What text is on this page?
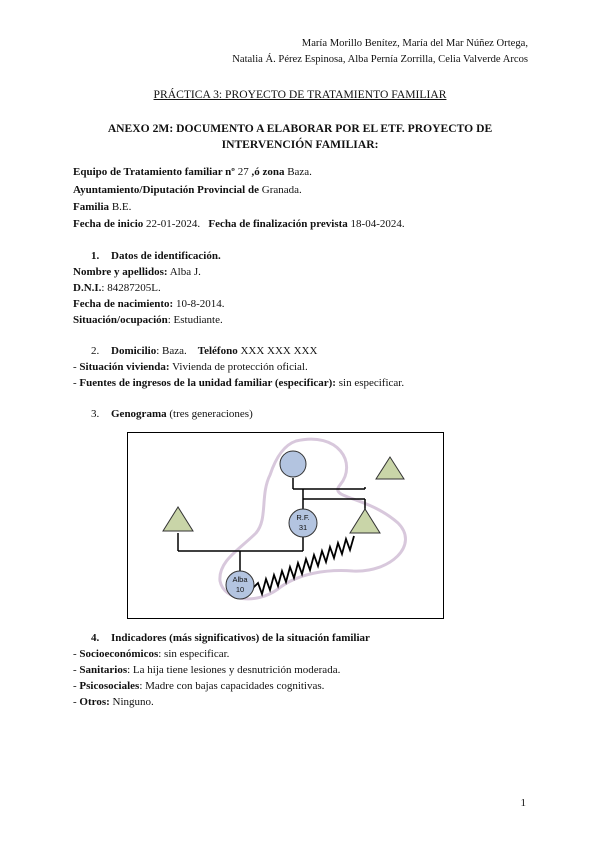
María Morillo Benítez, María del Mar Núñez Ortega,
Natalia Á. Pérez Espinosa, Alba Pernía Zorrilla, Celia Valverde Arcos
PRÁCTICA 3: PROYECTO DE TRATAMIENTO FAMILIAR
ANEXO 2M: DOCUMENTO A ELABORAR POR EL ETF. PROYECTO DE
INTERVENCIÓN FAMILIAR:
Equipo de Tratamiento familiar nº 27 ,ó zona Baza.
Ayuntamiento/Diputación Provincial de Granada.
Familia B.E.
Fecha de inicio 22-01-2024. Fecha de finalización prevista 18-04-2024.
1. Datos de identificación.
Nombre y apellidos: Alba J.
D.N.I.: 84287205L.
Fecha de nacimiento: 10-8-2014.
Situación/ocupación: Estudiante.
2. Domicilio: Baza. Teléfono XXX XXX XXX
- Situación vivienda: Vivienda de protección oficial.
- Fuentes de ingresos de la unidad familiar (especificar): sin especificar.
3. Genograma (tres generaciones)
R.F.
31
Alba
10
4. Indicadores (más significativos) de la situación familiar
- Socioeconómicos: sin especificar.
- Sanitarios: La hija tiene lesiones y desnutrición moderada.
- Psicosociales: Madre con bajas capacidades cognitivas.
- Otros: Ninguno.
1
